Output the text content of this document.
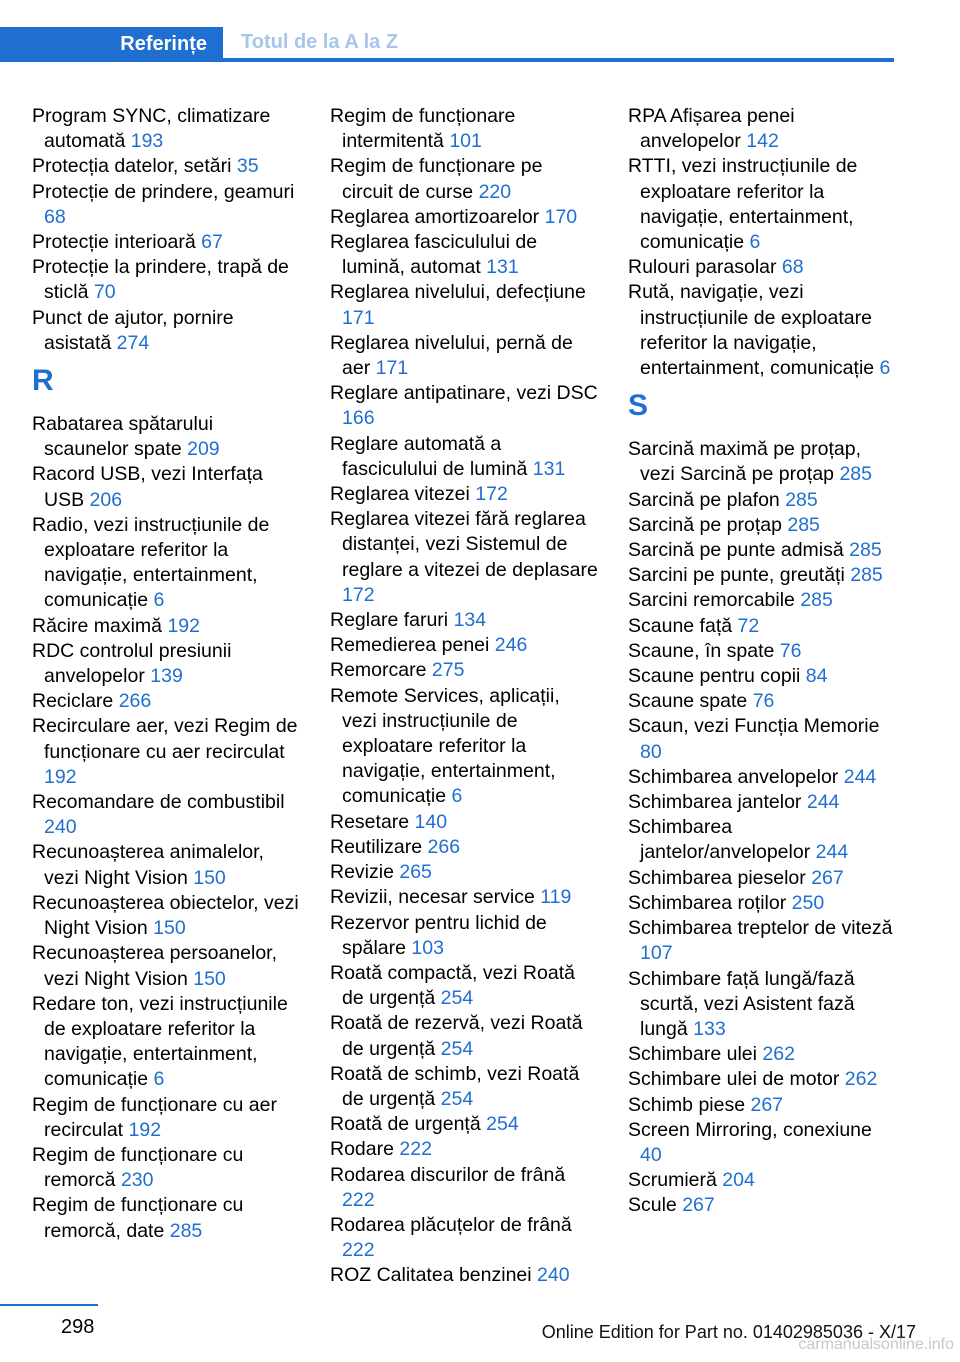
Referințe	Totul de la A la Z

Program SYNC, climatizare automată 193

Protecția datelor, setări 35

Protecție de prindere, geamuri 68

Protecție interioară 67

Protecție la prindere, trapă de sticlă 70

Punct de ajutor, pornire asistată 274

R

Rabatarea spătarului scaunelor spate 209

Racord USB, vezi Interfața USB 206

Radio, vezi instrucțiunile de exploatare referitor la navigație, entertainment, comunicație 6

Răcire maximă 192

RDC controlul presiunii anvelopelor 139

Reciclare 266

Recirculare aer, vezi Regim de funcționare cu aer recirculat 192

Recomandare de combustibil 240

Recunoașterea animalelor, vezi Night Vision 150

Recunoașterea obiectelor, vezi Night Vision 150

Recunoașterea persoanelor, vezi Night Vision 150

Redare ton, vezi instrucțiunile de exploatare referitor la navigație, entertainment, comunicație 6

Regim de funcționare cu aer recirculat 192

Regim de funcționare cu remorcă 230

Regim de funcționare cu remorcă, date 285

Regim de funcționare intermitentă 101

Regim de funcționare pe circuit de curse 220

Reglarea amortizoarelor 170

Reglarea fasciculului de lumină, automat 131

Reglarea nivelului, defecțiune 171

Reglarea nivelului, pernă de aer 171

Reglare antipatinare, vezi DSC 166

Reglare automată a fasciculului de lumină 131

Reglarea vitezei 172

Reglarea vitezei fără reglarea distanței, vezi Sistemul de reglare a vitezei de deplasare 172

Reglare faruri 134

Remedierea penei 246

Remorcare 275

Remote Services, aplicații, vezi instrucțiunile de exploatare referitor la navigație, entertainment, comunicație 6

Resetare 140

Reutilizare 266

Revizie 265

Revizii, necesar service 119

Rezervor pentru lichid de spălare 103

Roată compactă, vezi Roată de urgență 254

Roată de rezervă, vezi Roată de urgență 254

Roată de schimb, vezi Roată de urgență 254

Roată de urgență 254

Rodare 222

Rodarea discurilor de frână 222

Rodarea plăcuțelor de frână 222

ROZ Calitatea benzinei 240

RPA Afișarea penei anvelopelor 142

RTTI, vezi instrucțiunile de exploatare referitor la navigație, entertainment, comunicație 6

Rulouri parasolar 68

Rută, navigație, vezi instrucțiunile de exploatare referitor la navigație, entertainment, comunicație 6

S

Sarcină maximă pe proțap, vezi Sarcină pe proțap 285

Sarcină pe plafon 285

Sarcină pe proțap 285

Sarcină pe punte admisă 285

Sarcini pe punte, greutăți 285

Sarcini remorcabile 285

Scaune față 72

Scaune, în spate 76

Scaune pentru copii 84

Scaune spate 76

Scaun, vezi Funcția Memorie 80

Schimbarea anvelopelor 244

Schimbarea jantelor 244

Schimbarea jantelor/anvelopelor 244

Schimbarea pieselor 267

Schimbarea roților 250

Schimbarea treptelor de viteză 107

Schimbare față lungă/fază scurtă, vezi Asistent fază lungă 133

Schimbare ulei 262

Schimbare ulei de motor 262

Schimb piese 267

Screen Mirroring, conexiune 40

Scrumieră 204

Scule 267

298	Online Edition for Part no. 01402985036 - X/17
carmanualsonline.info
